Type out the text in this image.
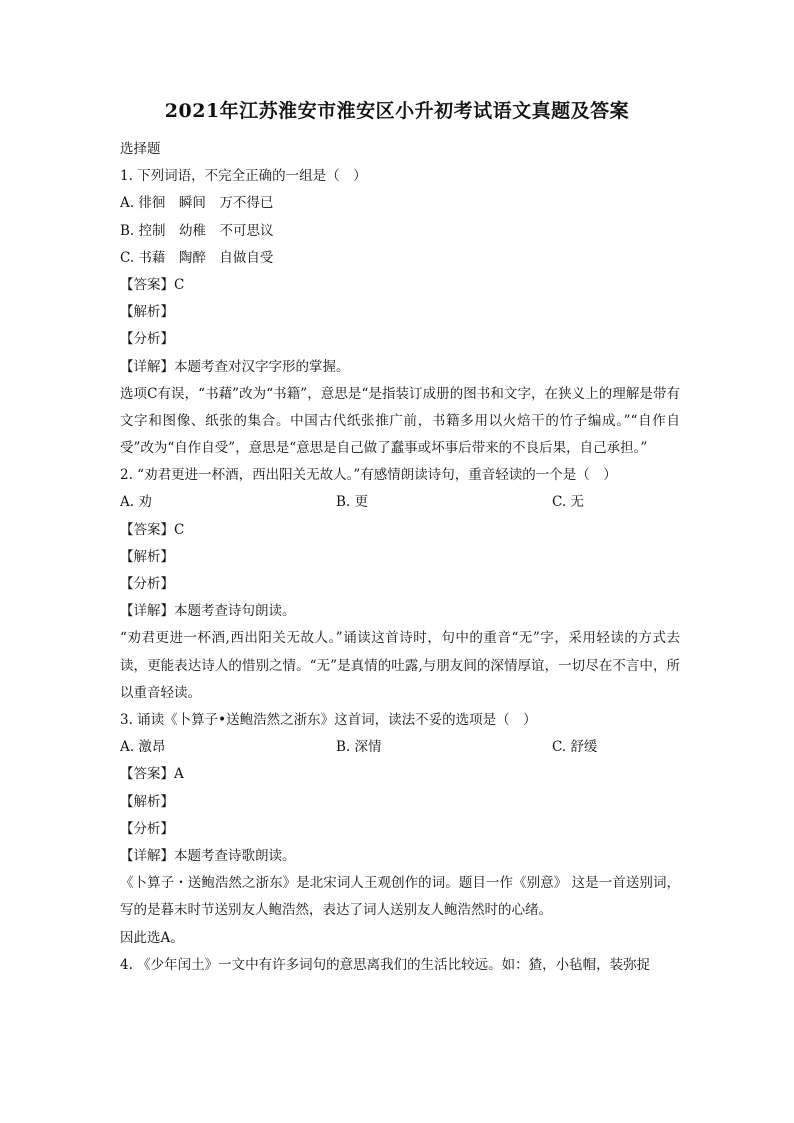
2021年江苏淮安市淮安区小升初考试语文真题及答案
选择题
1. 下列词语，不完全正确的一组是（　）
A. 徘徊　瞬间　万不得已
B. 控制　幼稚　不可思议
C. 书藉　陶醉　自做自受
【答案】C
【解析】
【分析】
【详解】本题考查对汉字字形的掌握。
选项C有误，“书藉”改为“书籍”，意思是“是指装订成册的图书和文字，在狭义上的理解是带有文字和图像、纸张的集合。中国古代纸张推广前，书籍多用以火焙干的竹子编成。”“自作自受”改为“自作自受”，意思是“意思是自己做了蠢事或坏事后带来的不良后果，自己承担。”
2. “劝君更进一杯酒，西出阳关无故人。”有感情朗读诗句，重音轻读的一个是（　）
A. 劝	B. 更	C. 无
【答案】C
【解析】
【分析】
【详解】本题考查诗句朗读。
“劝君更进一杯酒,西出阳关无故人。”诵读这首诗时，句中的重音“无”字，采用轻读的方式去读，更能表达诗人的惜别之情。“无”是真情的吐露,与朋友间的深情厚谊，一切尽在不言中，所以重音轻读。
3. 诵读《卜算子•送鲍浩然之浙东》这首词，读法不妥的选项是（　）
A. 激昂	B. 深情	C. 舒缓
【答案】A
【解析】
【分析】
【详解】本题考查诗歌朗读。
《卜算子・送鲍浩然之浙东》是北宋词人王观创作的词。题目一作《别意》 这是一首送别词，写的是暮末时节送别友人鲍浩然，表达了词人送别友人鲍浩然时的心绪。
因此选A。
4. 《少年闰土》一文中有许多词句的意思离我们的生活比较远。如：猹，小毡帽，装弥捉
